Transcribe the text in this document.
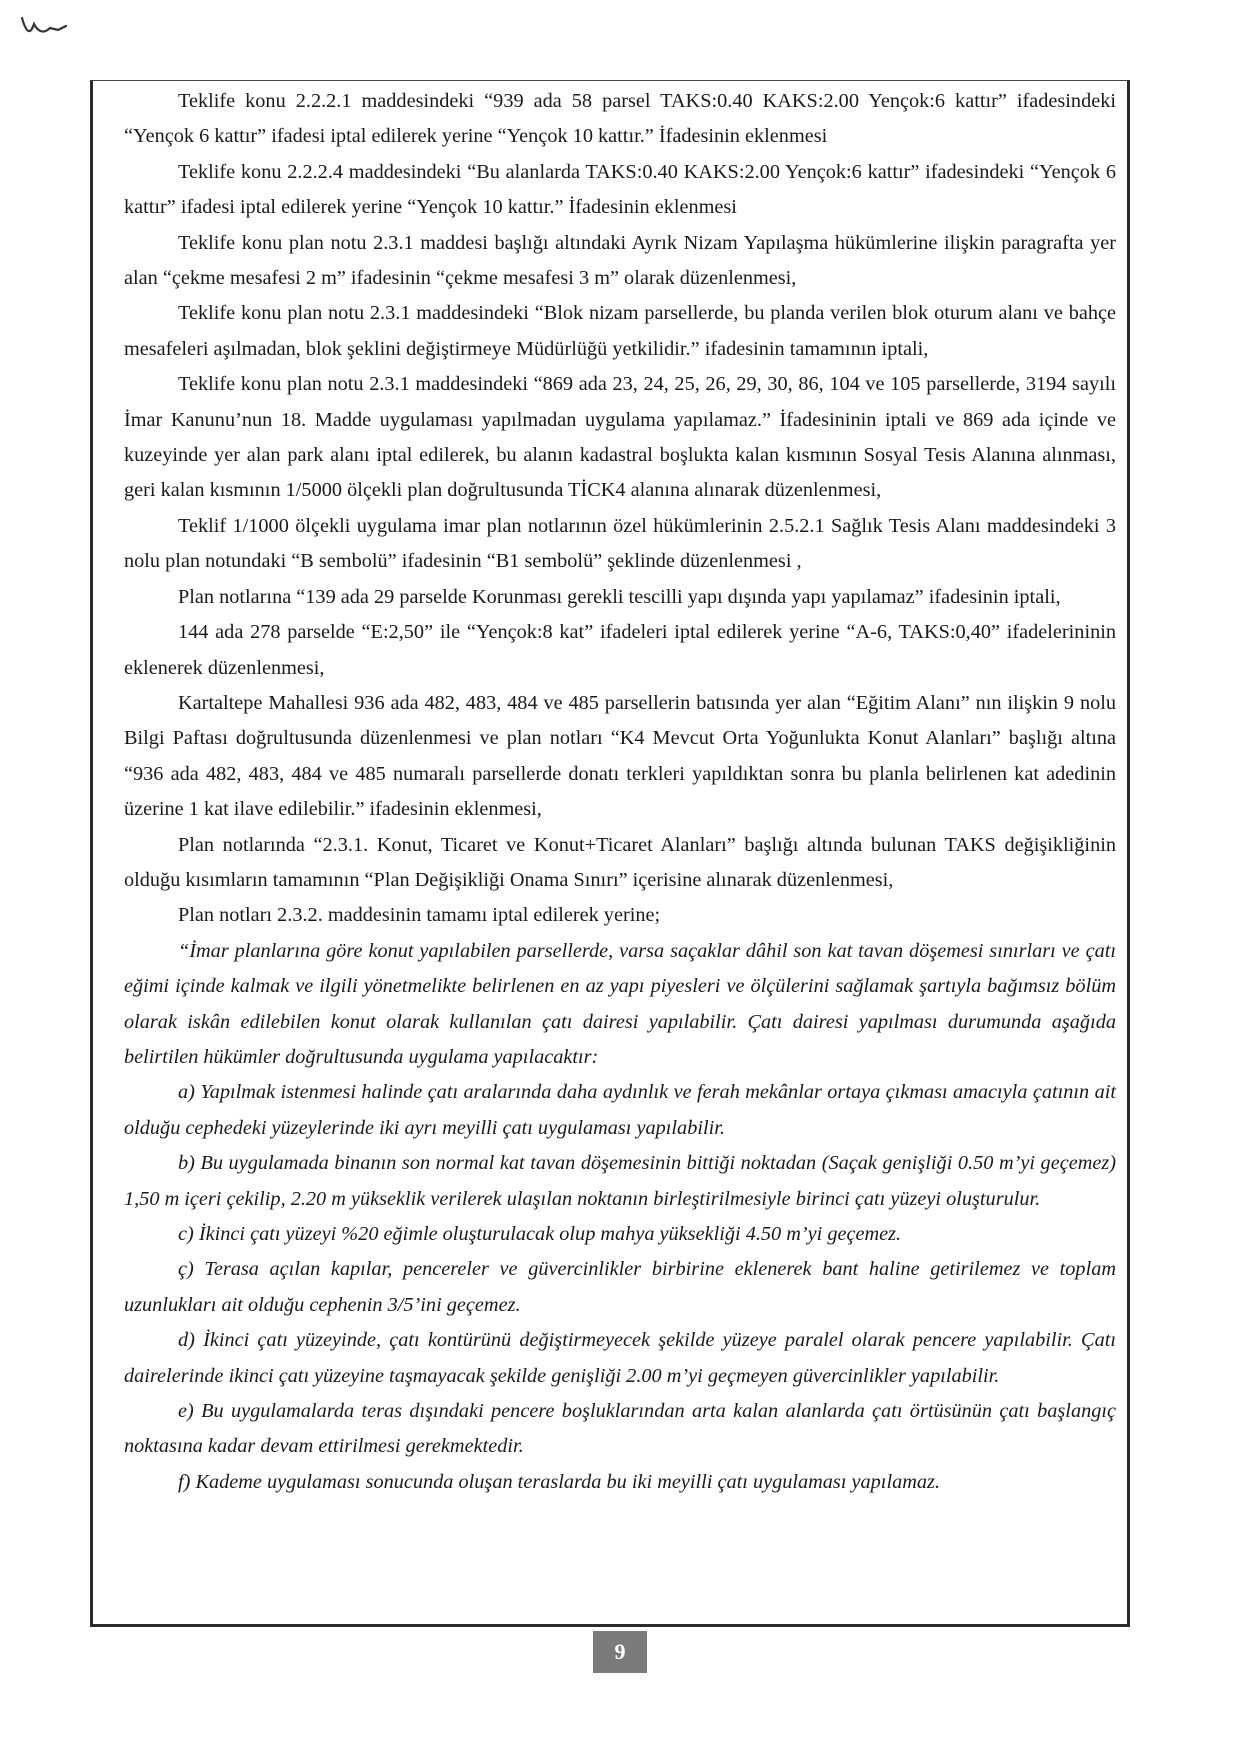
Teklife konu 2.2.2.1 maddesindeki “939 ada 58 parsel TAKS:0.40 KAKS:2.00 Yençok:6 kattır” ifadesindeki “Yençok 6 kattır” ifadesi iptal edilerek yerine “Yençok 10 kattır.” İfadesinin eklenmesi

Teklife konu 2.2.2.4 maddesindeki “Bu alanlarda TAKS:0.40 KAKS:2.00 Yençok:6 kattır” ifadesindeki “Yençok 6 kattır” ifadesi iptal edilerek yerine “Yençok 10 kattır.” İfadesinin eklenmesi

Teklife konu plan notu 2.3.1 maddesi başlığı altındaki Ayrık Nizam Yapılaşma hükümlerine ilişkin paragrafta yer alan “çekme mesafesi 2 m” ifadesinin “çekme mesafesi 3 m” olarak düzenlenmesi,

Teklife konu plan notu 2.3.1 maddesindeki “Blok nizam parsellerde, bu planda verilen blok oturum alanı ve bahçe mesafeleri aşılmadan, blok şeklini değiştirmeye Müdürlüğü yetkilidir.” ifadesinin tamamının iptali,

Teklife konu plan notu 2.3.1 maddesindeki “869 ada 23, 24, 25, 26, 29, 30, 86, 104 ve 105 parsellerde, 3194 sayılı İmar Kanunu’nun 18. Madde uygulaması yapılmadan uygulama yapılamaz.” İfadesininin iptali ve 869 ada içinde ve kuzeyinde yer alan park alanı iptal edilerek, bu alanın kadastral boşlukta kalan kısmının Sosyal Tesis Alanına alınması, geri kalan kısmının 1/5000 ölçekli plan doğrultusunda TİCK4 alanına alınarak düzenlenmesi,

Teklif 1/1000 ölçekli uygulama imar plan notlarının özel hükümlerinin 2.5.2.1 Sağlık Tesis Alanı maddesindeki 3 nolu plan notundaki “B sembolü” ifadesinin “B1 sembolü” şeklinde düzenlenmesi ,

Plan notlarına “139 ada 29 parselde Korunması gerekli tescilli yapı dışında yapı yapılamaz” ifadesinin iptali,

144 ada 278 parselde “E:2,50” ile “Yençok:8 kat” ifadeleri iptal edilerek yerine “A-6, TAKS:0,40” ifadelerininin eklenerek düzenlenmesi,

Kartaltepe Mahallesi 936 ada 482, 483, 484 ve 485 parsellerin batısında yer alan “Eğitim Alanı” nın ilişkin 9 nolu Bilgi Paftası doğrultusunda düzenlenmesi ve plan notları “K4 Mevcut Orta Yoğunlukta Konut Alanları” başlığı altına “936 ada 482, 483, 484 ve 485 numaralı parsellerde donatı terkleri yapıldıktan sonra bu planla belirlenen kat adedinin üzerine 1 kat ilave edilebilir.” ifadesinin eklenmesi,

Plan notlarında “2.3.1. Konut, Ticaret ve Konut+Ticaret Alanları” başlığı altında bulunan TAKS değişikliğinin olduğu kısımların tamamının “Plan Değişikliği Onama Sınırı” içerisine alınarak düzenlenmesi,

Plan notları 2.3.2. maddesinin tamamı iptal edilerek yerine;

“İmar planlarına göre konut yapılabilen parsellerde, varsa saçaklar dâhil son kat tavan döşemesi sınırları ve çatı eğimi içinde kalmak ve ilgili yönetmelikte belirlenen en az yapı piyesleri ve ölçülerini sağlamak şartıyla bağımsız bölüm olarak iskân edilebilen konut olarak kullanılan çatı dairesi yapılabilir. Çatı dairesi yapılması durumunda aşağıda belirtilen hükümler doğrultusunda uygulama yapılacaktır:

a) Yapılmak istenmesi halinde çatı aralarında daha aydınlık ve ferah mekânlar ortaya çıkması amacıyla çatının ait olduğu cephedeki yüzeylerinde iki ayrı meyilli çatı uygulaması yapılabilir.

b) Bu uygulamada binanın son normal kat tavan döşemesinin bittiği noktadan (Saçak genişliği 0.50 m’yi geçemez) 1,50 m içeri çekilip, 2.20 m yükseklik verilerek ulaşılan noktanın birleştirilmesiyle birinci çatı yüzeyi oluşturulur.

c) İkinci çatı yüzeyi %20 eğimle oluşturulacak olup mahya yüksekliği 4.50 m’yi geçemez.

ç) Terasa açılan kapılar, pencereler ve güvercinlikler birbirine eklenerek bant haline getirilemez ve toplam uzunlukları ait olduğu cephenin 3/5’ini geçemez.

d) İkinci çatı yüzeyinde, çatı kontürünü değiştirmeyecek şekilde yüzeye paralel olarak pencere yapılabilir. Çatı dairelerinde ikinci çatı yüzeyine taşmayacak şekilde genişliği 2.00 m’yi geçmeyen güvercinlikler yapılabilir.

e) Bu uygulamalarda teras dışındaki pencere boşluklarından arta kalan alanlarda çatı örtüsünün çatı başlangıç noktasına kadar devam ettirilmesi gerekmektedir.

f) Kademe uygulaması sonucunda oluşan teraslarda bu iki meyilli çatı uygulaması yapılamaz.

9
